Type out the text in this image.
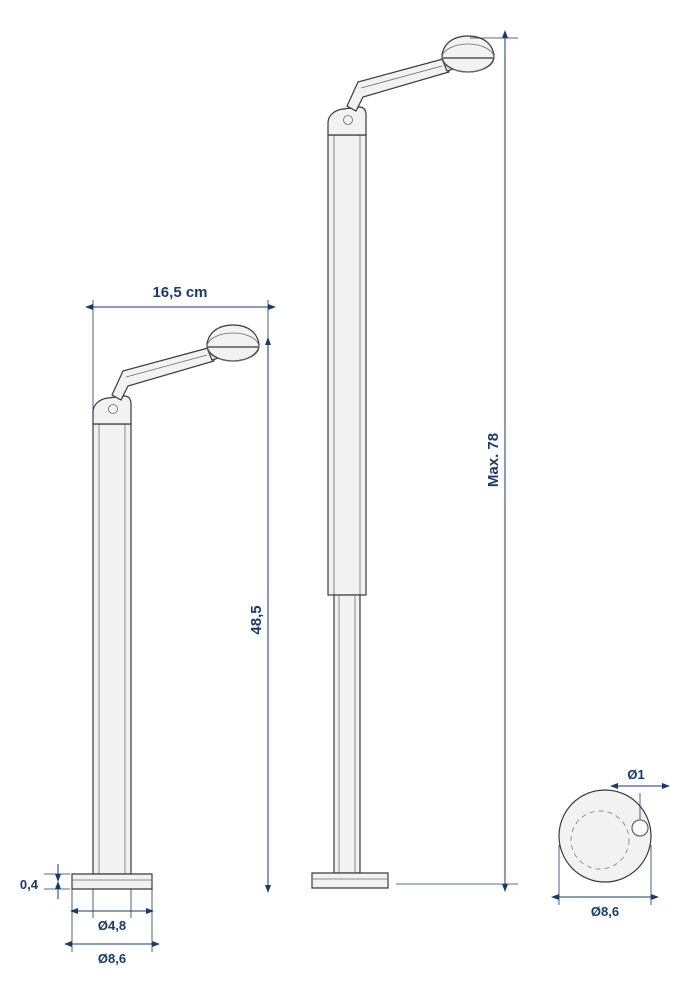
16,5 cm
48,5
0,4
Ø4,8
Ø8,6
Max. 78
Ø1
Ø8,6
